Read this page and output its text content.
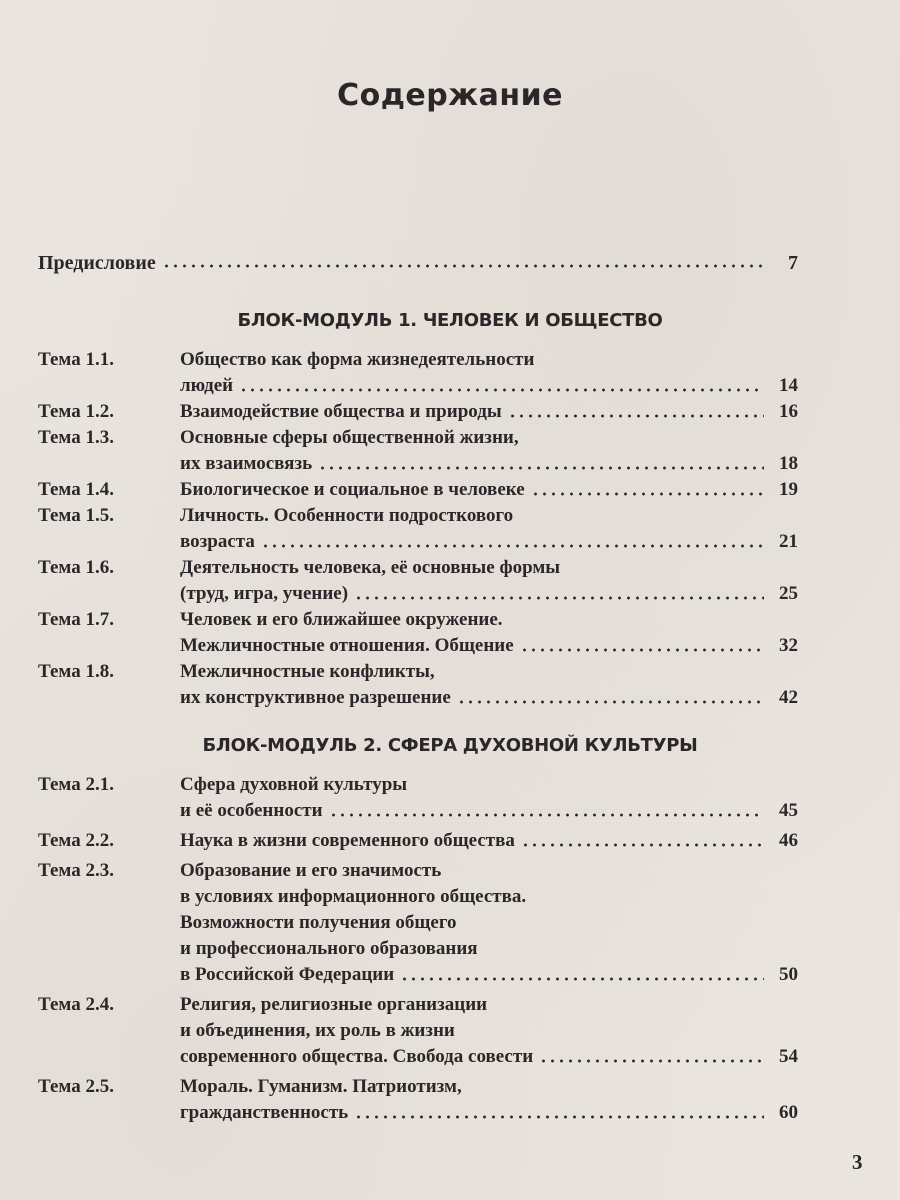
Содержание
Предисловие	7
БЛОК-МОДУЛЬ 1. ЧЕЛОВЕК И ОБЩЕСТВО
Тема 1.1.	Общество как форма жизнедеятельности
людей	14
Тема 1.2.	Взаимодействие общества и природы	16
Тема 1.3.	Основные сферы общественной жизни,
их взаимосвязь	18
Тема 1.4.	Биологическое и социальное в человеке	19
Тема 1.5.	Личность. Особенности подросткового
возраста	21
Тема 1.6.	Деятельность человека, её основные формы
(труд, игра, учение)	25
Тема 1.7.	Человек и его ближайшее окружение.
Межличностные отношения. Общение	32
Тема 1.8.	Межличностные конфликты,
их конструктивное разрешение	42
БЛОК-МОДУЛЬ 2. СФЕРА ДУХОВНОЙ КУЛЬТУРЫ
Тема 2.1.	Сфера духовной культуры
и её особенности	45
Тема 2.2.	Наука в жизни современного общества	46
Тема 2.3.	Образование и его значимость
в условиях информационного общества.
Возможности получения общего
и профессионального образования
в Российской Федерации	50
Тема 2.4.	Религия, религиозные организации
и объединения, их роль в жизни
современного общества. Свобода совести	54
Тема 2.5.	Мораль. Гуманизм. Патриотизм,
гражданственность	60
3
